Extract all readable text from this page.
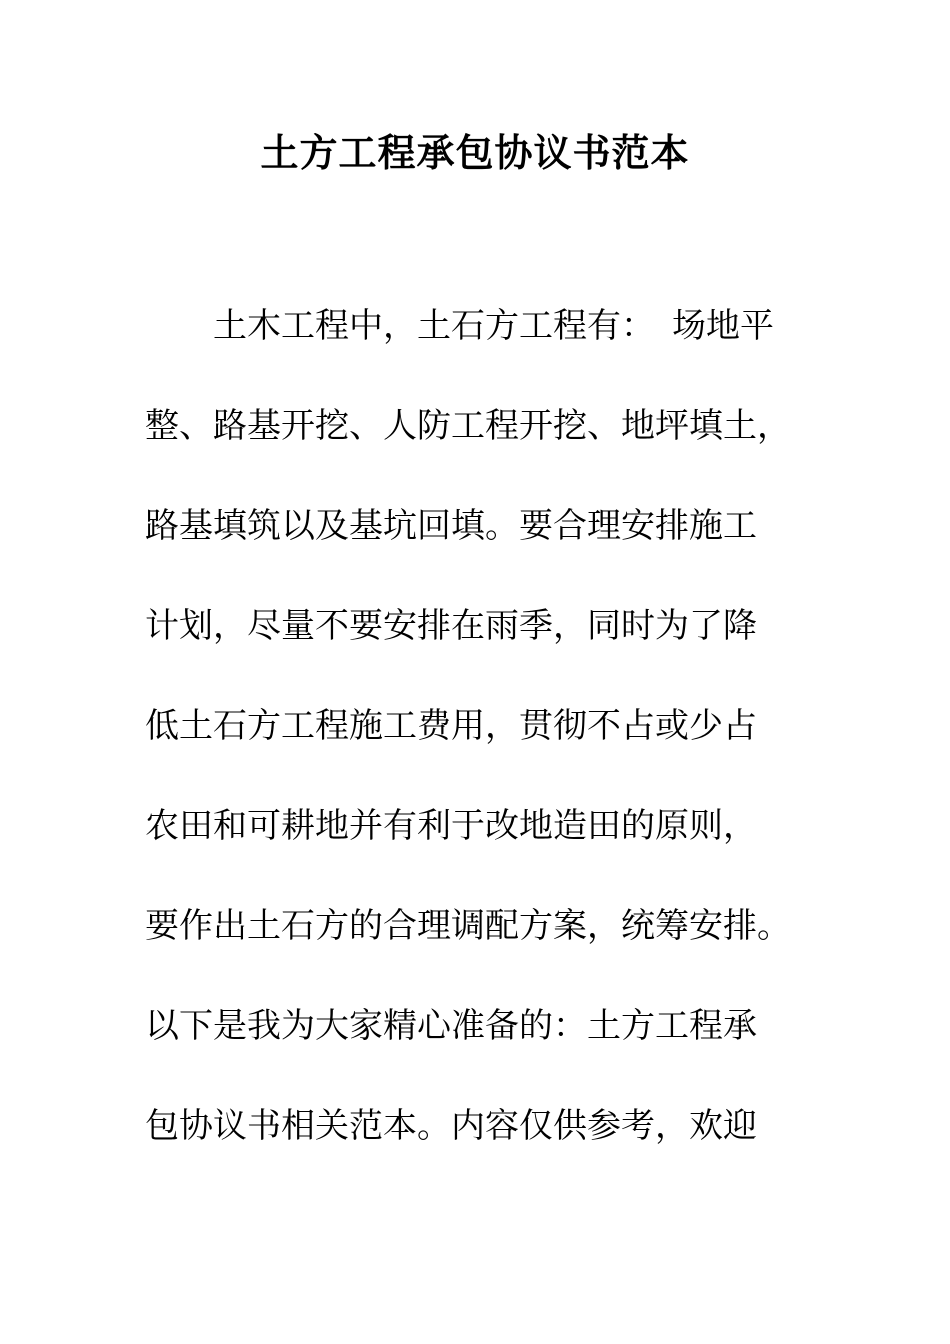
土方工程承包协议书范本
　　土木工程中，土石方工程有：　场地平
整、路基开挖、人防工程开挖、地坪填土，
路基填筑以及基坑回填。要合理安排施工
计划，尽量不要安排在雨季，同时为了降
低土石方工程施工费用，贯彻不占或少占
农田和可耕地并有利于改地造田的原则，
要作出土石方的合理调配方案，统筹安排。
以下是我为大家精心准备的：土方工程承
包协议书相关范本。内容仅供参考，欢迎
